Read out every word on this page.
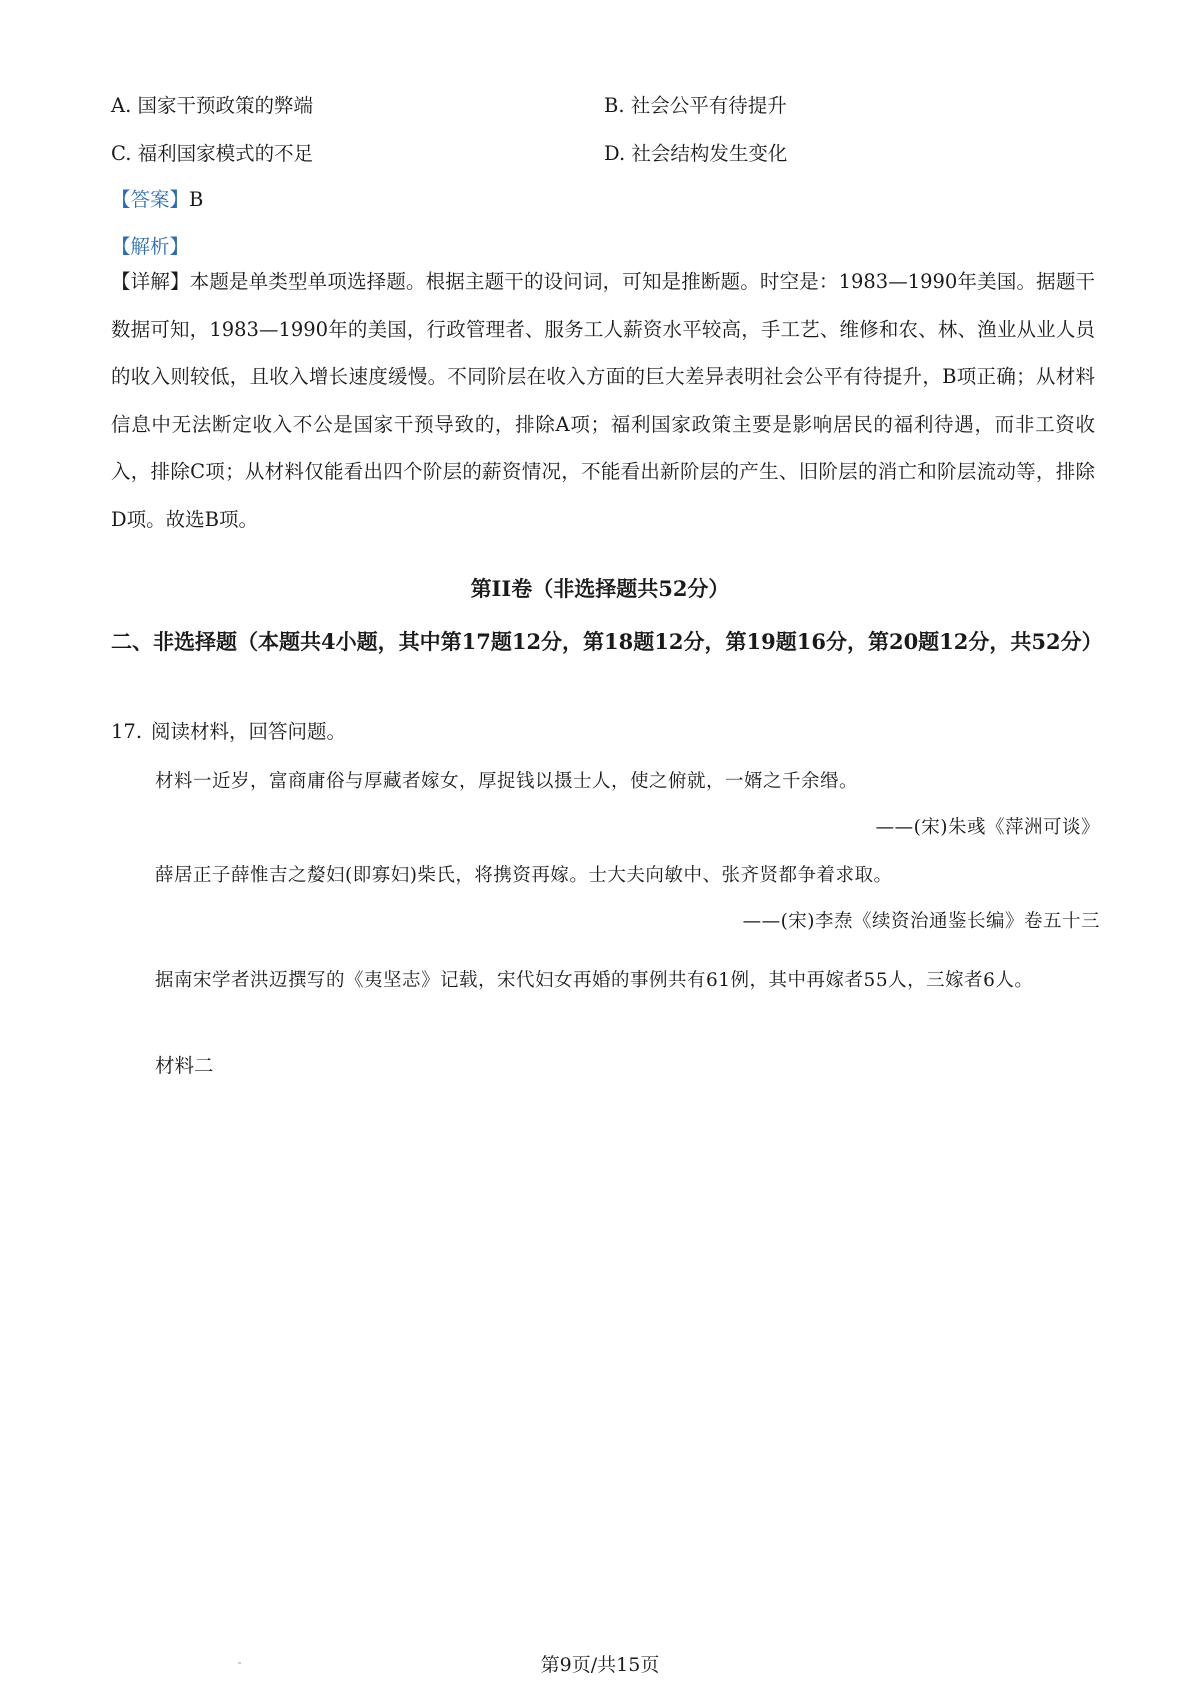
A. 国家干预政策的弊端	B. 社会公平有待提升
C. 福利国家模式的不足	D. 社会结构发生变化
【答案】B
【解析】
【详解】本题是单类型单项选择题。根据主题干的设问词，可知是推断题。时空是：1983—1990年美国。据题干数据可知，1983—1990年的美国，行政管理者、服务工人薪资水平较高，手工艺、维修和农、林、渔业从业人员的收入则较低，且收入增长速度缓慢。不同阶层在收入方面的巨大差异表明社会公平有待提升，B项正确；从材料信息中无法断定收入不公是国家干预导致的，排除A项；福利国家政策主要是影响居民的福利待遇，而非工资收入，排除C项；从材料仅能看出四个阶层的薪资情况，不能看出新阶层的产生、旧阶层的消亡和阶层流动等，排除D项。故选B项。
第II卷（非选择题共52分）
二、非选择题（本题共4小题，其中第17题12分，第18题12分，第19题16分，第20题12分，共52分）
17. 阅读材料，回答问题。
材料一近岁，富商庸俗与厚藏者嫁女，厚捉钱以摄士人，使之俯就，一婿之千余缗。
——(宋)朱彧《萍洲可谈》
薛居正子薛惟吉之嫠妇(即寡妇)柴氏，将携资再嫁。士大夫向敏中、张齐贤都争着求取。
——(宋)李焘《续资治通鉴长编》卷五十三
据南宋学者洪迈撰写的《夷坚志》记载，宋代妇女再婚的事例共有61例，其中再嫁者55人，三嫁者6人。
材料二
第9页/共15页
